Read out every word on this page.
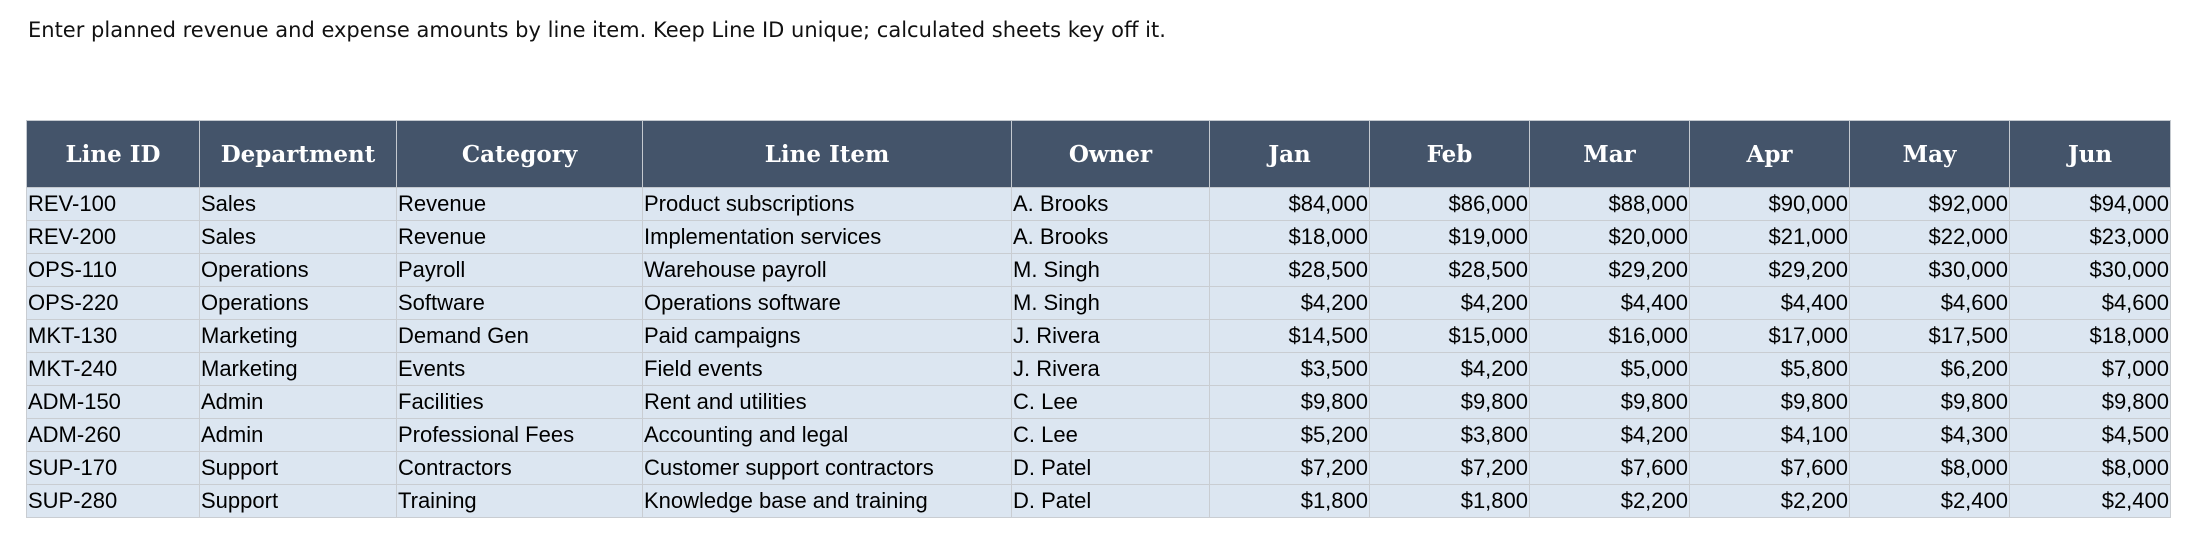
Enter planned revenue and expense amounts by line item. Keep Line ID unique; calculated sheets key off it.
Line ID	Department	Category	Line Item	Owner	Jan	Feb	Mar	Apr	May	Jun
REV-100	Sales	Revenue	Product subscriptions	A. Brooks	$84,000	$86,000	$88,000	$90,000	$92,000	$94,000
REV-200	Sales	Revenue	Implementation services	A. Brooks	$18,000	$19,000	$20,000	$21,000	$22,000	$23,000
OPS-110	Operations	Payroll	Warehouse payroll	M. Singh	$28,500	$28,500	$29,200	$29,200	$30,000	$30,000
OPS-220	Operations	Software	Operations software	M. Singh	$4,200	$4,200	$4,400	$4,400	$4,600	$4,600
MKT-130	Marketing	Demand Gen	Paid campaigns	J. Rivera	$14,500	$15,000	$16,000	$17,000	$17,500	$18,000
MKT-240	Marketing	Events	Field events	J. Rivera	$3,500	$4,200	$5,000	$5,800	$6,200	$7,000
ADM-150	Admin	Facilities	Rent and utilities	C. Lee	$9,800	$9,800	$9,800	$9,800	$9,800	$9,800
ADM-260	Admin	Professional Fees	Accounting and legal	C. Lee	$5,200	$3,800	$4,200	$4,100	$4,300	$4,500
SUP-170	Support	Contractors	Customer support contractors	D. Patel	$7,200	$7,200	$7,600	$7,600	$8,000	$8,000
SUP-280	Support	Training	Knowledge base and training	D. Patel	$1,800	$1,800	$2,200	$2,200	$2,400	$2,400
